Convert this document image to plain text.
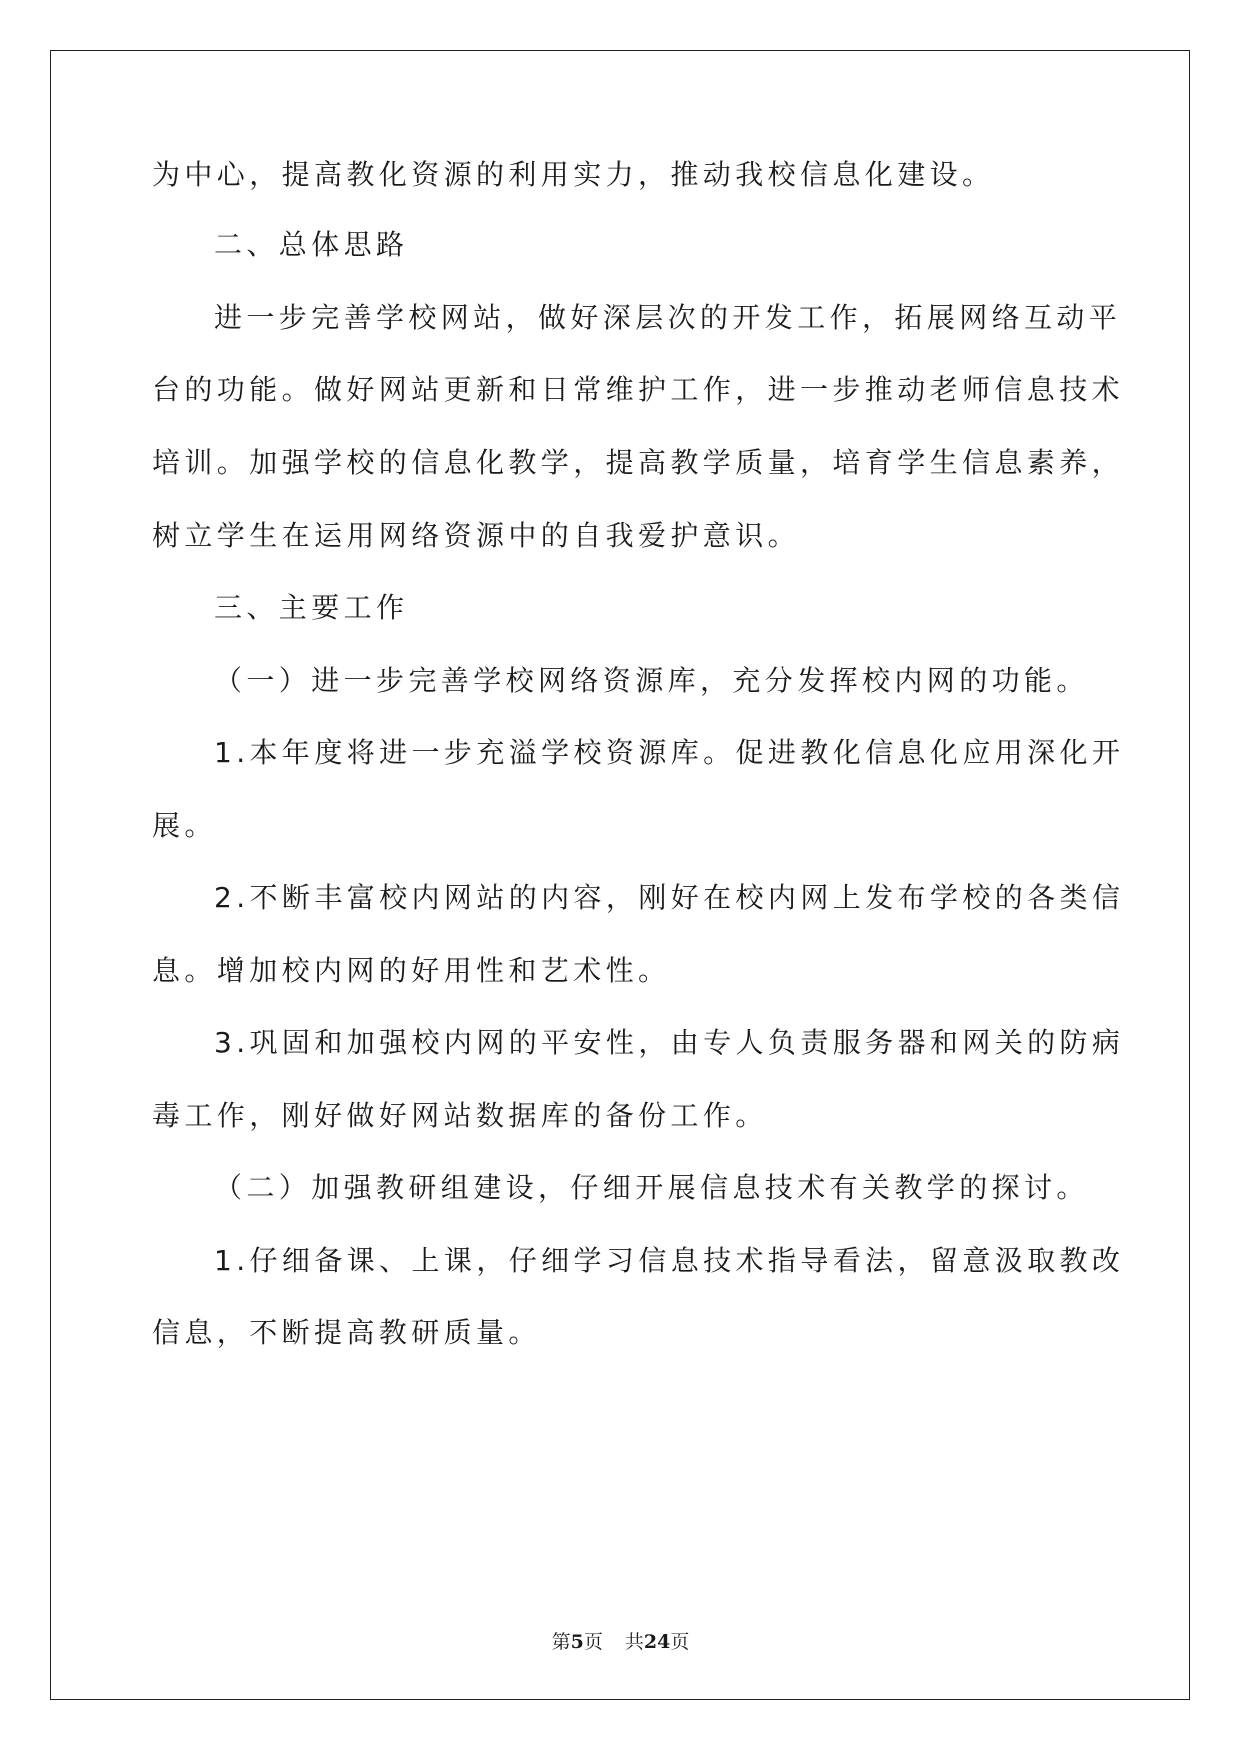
为中心，提高教化资源的利用实力，推动我校信息化建设。
二、总体思路
进一步完善学校网站，做好深层次的开发工作，拓展网络互动平
台的功能。做好网站更新和日常维护工作，进一步推动老师信息技术
培训。加强学校的信息化教学，提高教学质量，培育学生信息素养，
树立学生在运用网络资源中的自我爱护意识。
三、主要工作
（一）进一步完善学校网络资源库，充分发挥校内网的功能。
1.本年度将进一步充溢学校资源库。促进教化信息化应用深化开
展。
2.不断丰富校内网站的内容，刚好在校内网上发布学校的各类信
息。增加校内网的好用性和艺术性。
3.巩固和加强校内网的平安性，由专人负责服务器和网关的防病
毒工作，刚好做好网站数据库的备份工作。
（二）加强教研组建设，仔细开展信息技术有关教学的探讨。
1.仔细备课、上课，仔细学习信息技术指导看法，留意汲取教改
信息，不断提高教研质量。
第5页 共24页
